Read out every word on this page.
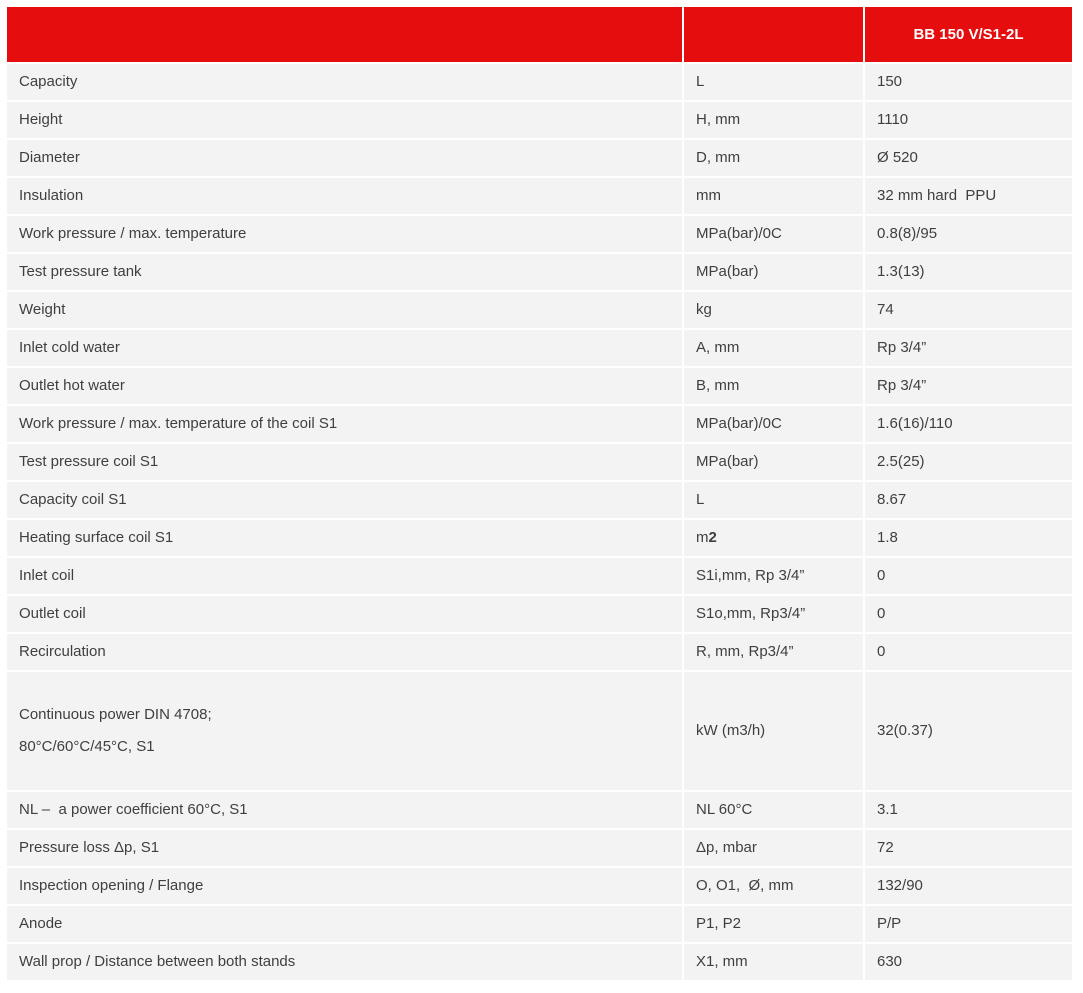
BB 150 V/S1-2L
Capacity	L	150
Height	H, mm	1110
Diameter	D, mm	Ø 520
Insulation	mm	32 mm hard  PPU
Work pressure / max. temperature	MPa(bar)/0C	0.8(8)/95
Test pressure tank	MPa(bar)	1.3(13)
Weight	kg	74
Inlet cold water	A, mm	Rp 3/4”
Outlet hot water	B, mm	Rp 3/4”
Work pressure / max. temperature of the coil S1	MPa(bar)/0C	1.6(16)/110
Test pressure coil S1	MPa(bar)	2.5(25)
Capacity coil S1	L	8.67
Heating surface coil S1	m2	1.8
Inlet coil	S1i,mm, Rp 3/4”	0
Outlet coil	S1o,mm, Rp3/4”	0
Recirculation	R, mm, Rp3/4”	0
Continuous power DIN 4708;
80°C/60°C/45°C, S1
kW (m3/h)	32(0.37)
NL –  a power coefficient 60°C, S1	NL 60°C	3.1
Pressure loss Δp, S1	Δp, mbar	72
Inspection opening / Flange	O, O1,  Ø, mm	132/90
Anode	P1, P2	P/P
Wall prop / Distance between both stands	X1, mm	630
